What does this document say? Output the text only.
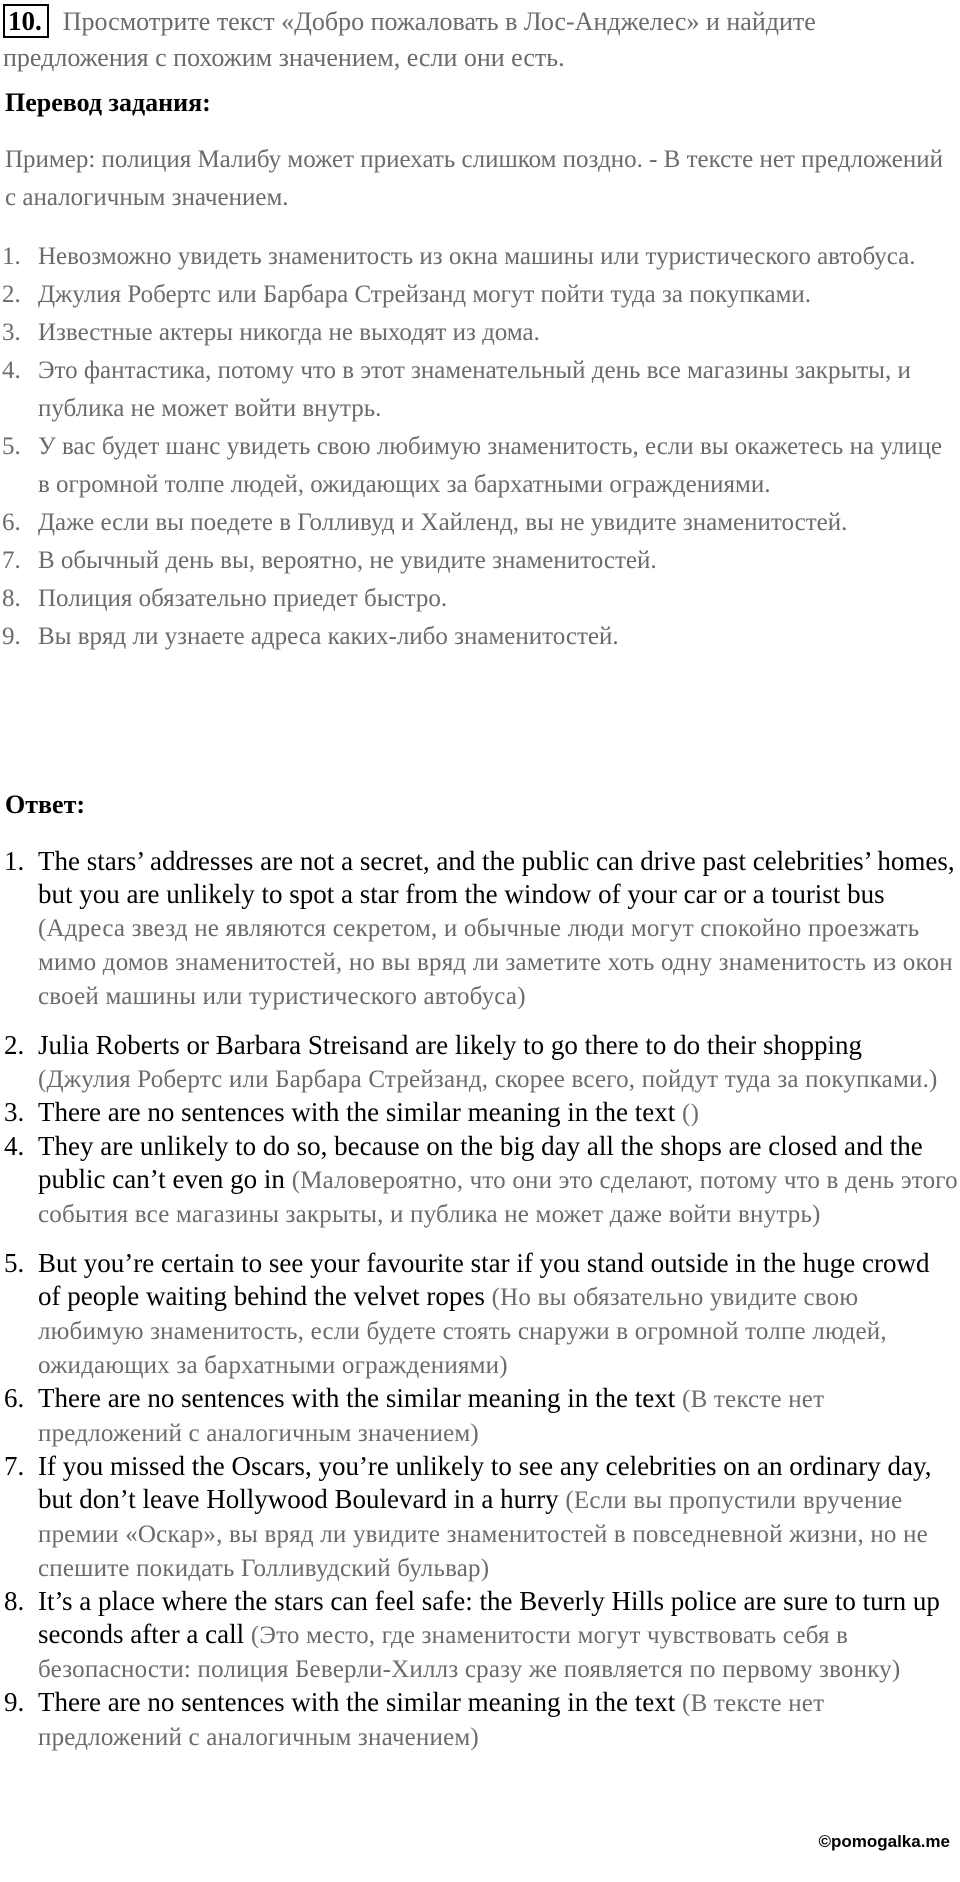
10. Просмотрите текст «Добро пожаловать в Лос-Анджелес» и найдите предложения с похожим значением, если они есть.
Перевод задания:
Пример: полиция Малибу может приехать слишком поздно. - В тексте нет предложений с аналогичным значением.
1. Невозможно увидеть знаменитость из окна машины или туристического автобуса.
2. Джулия Робертс или Барбара Стрейзанд могут пойти туда за покупками.
3. Известные актеры никогда не выходят из дома.
4. Это фантастика, потому что в этот знаменательный день все магазины закрыты, и публика не может войти внутрь.
5. У вас будет шанс увидеть свою любимую знаменитость, если вы окажетесь на улице в огромной толпе людей, ожидающих за бархатными ограждениями.
6. Даже если вы поедете в Голливуд и Хайленд, вы не увидите знаменитостей.
7. В обычный день вы, вероятно, не увидите знаменитостей.
8. Полиция обязательно приедет быстро.
9. Вы вряд ли узнаете адреса каких-либо знаменитостей.
Ответ:
1. The stars’ addresses are not a secret, and the public can drive past celebrities’ homes, but you are unlikely to spot a star from the window of your car or a tourist bus (Адреса звезд не являются секретом, и обычные люди могут спокойно проезжать мимо домов знаменитостей, но вы вряд ли заметите хоть одну знаменитость из окон своей машины или туристического автобуса)
2. Julia Roberts or Barbara Streisand are likely to go there to do their shopping (Джулия Робертс или Барбара Стрейзанд, скорее всего, пойдут туда за покупками.)
3. There are no sentences with the similar meaning in the text ()
4. They are unlikely to do so, because on the big day all the shops are closed and the public can’t even go in (Маловероятно, что они это сделают, потому что в день этого события все магазины закрыты, и публика не может даже войти внутрь)
5. But you’re certain to see your favourite star if you stand outside in the huge crowd of people waiting behind the velvet ropes (Но вы обязательно увидите свою любимую знаменитость, если будете стоять снаружи в огромной толпе людей, ожидающих за бархатными ограждениями)
6. There are no sentences with the similar meaning in the text (В тексте нет предложений с аналогичным значением)
7. If you missed the Oscars, you’re unlikely to see any celebrities on an ordinary day, but don’t leave Hollywood Boulevard in a hurry (Если вы пропустили вручение премии «Оскар», вы вряд ли увидите знаменитостей в повседневной жизни, но не спешите покидать Голливудский бульвар)
8. It’s a place where the stars can feel safe: the Beverly Hills police are sure to turn up seconds after a call (Это место, где знаменитости могут чувствовать себя в безопасности: полиция Беверли-Хиллз сразу же появляется по первому звонку)
9. There are no sentences with the similar meaning in the text (В тексте нет предложений с аналогичным значением)
©pomogalka.me
